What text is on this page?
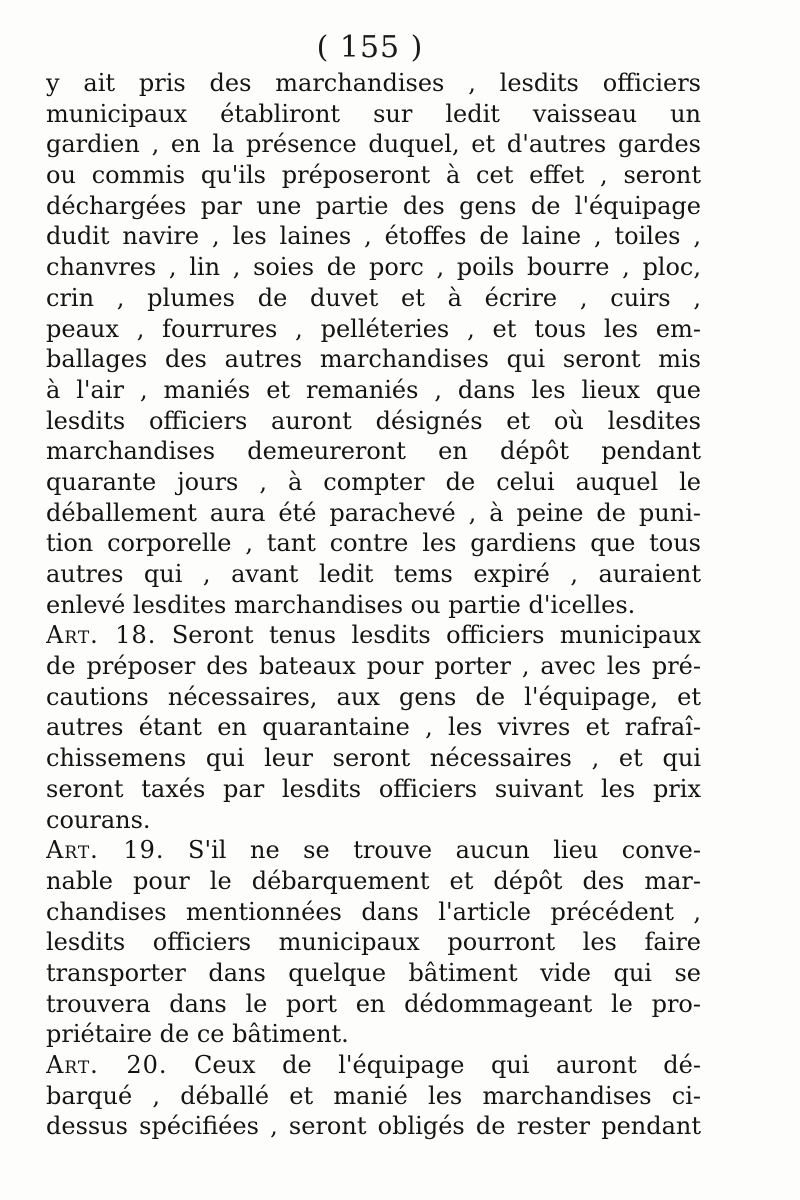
( 155 )
y ait pris des marchandises , lesdits officiers
municipaux établiront sur ledit vaisseau un
gardien , en la présence duquel, et d'autres gardes
ou commis qu'ils préposeront à cet effet , seront
déchargées par une partie des gens de l'équipage
dudit navire , les laines , étoffes de laine , toiles ,
chanvres , lin , soies de porc , poils bourre , ploc,
crin , plumes de duvet et à écrire , cuirs ,
peaux , fourrures , pelléteries , et tous les em-
ballages des autres marchandises qui seront mis
à l'air , maniés et remaniés , dans les lieux que
lesdits officiers auront désignés et où lesdites
marchandises demeureront en dépôt pendant
quarante jours , à compter de celui auquel le
déballement aura été parachevé , à peine de puni-
tion corporelle , tant contre les gardiens que tous
autres qui , avant ledit tems expiré , auraient
enlevé lesdites marchandises ou partie d'icelles.
Art. 18. Seront tenus lesdits officiers municipaux
de préposer des bateaux pour porter , avec les pré-
cautions nécessaires, aux gens de l'équipage, et
autres étant en quarantaine , les vivres et rafraî-
chissemens qui leur seront nécessaires , et qui
seront taxés par lesdits officiers suivant les prix
courans.
Art. 19. S'il ne se trouve aucun lieu conve-
nable pour le débarquement et dépôt des mar-
chandises mentionnées dans l'article précédent ,
lesdits officiers municipaux pourront les faire
transporter dans quelque bâtiment vide qui se
trouvera dans le port en dédommageant le pro-
priétaire de ce bâtiment.
Art. 20. Ceux de l'équipage qui auront dé-
barqué , déballé et manié les marchandises ci-
dessus spécifiées , seront obligés de rester pendant
